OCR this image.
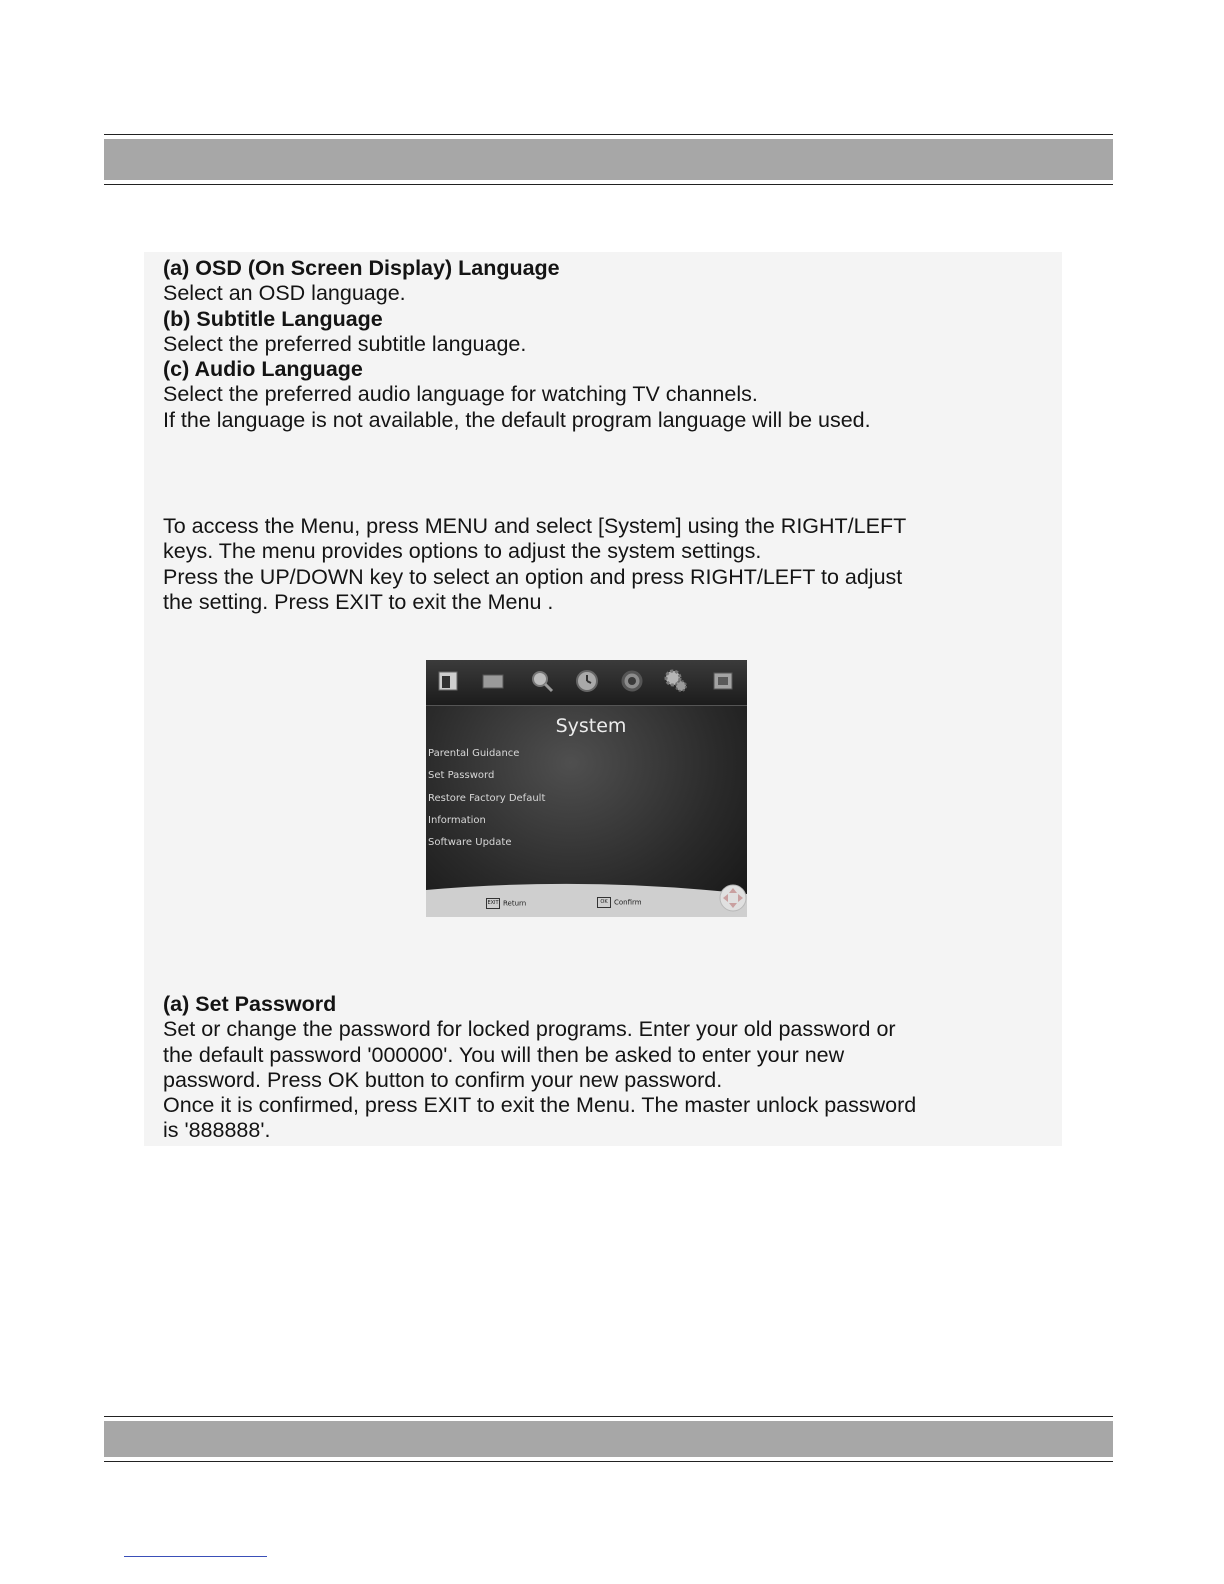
(a) OSD (On Screen Display) Language

Select an OSD language.

(b) Subtitle Language

Select the preferred subtitle language.

(c) Audio Language

Select the preferred audio language for watching TV channels.

If the language is not available, the default program language will be used.

To access the Menu, press MENU and select [System] using the RIGHT/LEFT

keys. The menu provides options to adjust the system settings.

Press the UP/DOWN key to select an option and press RIGHT/LEFT to adjust

the setting. Press EXIT to exit the Menu .

System
Parental Guidance
Set Password
Restore Factory Default
Information
Software Update
EXIT Return	OK Confirm

(a) Set Password

Set or change the password for locked programs. Enter your old password or

the default password '000000'. You will then be asked to enter your new

password. Press OK button to confirm your new password.

Once it is confirmed, press EXIT to exit the Menu. The master unlock password

is '888888'.
